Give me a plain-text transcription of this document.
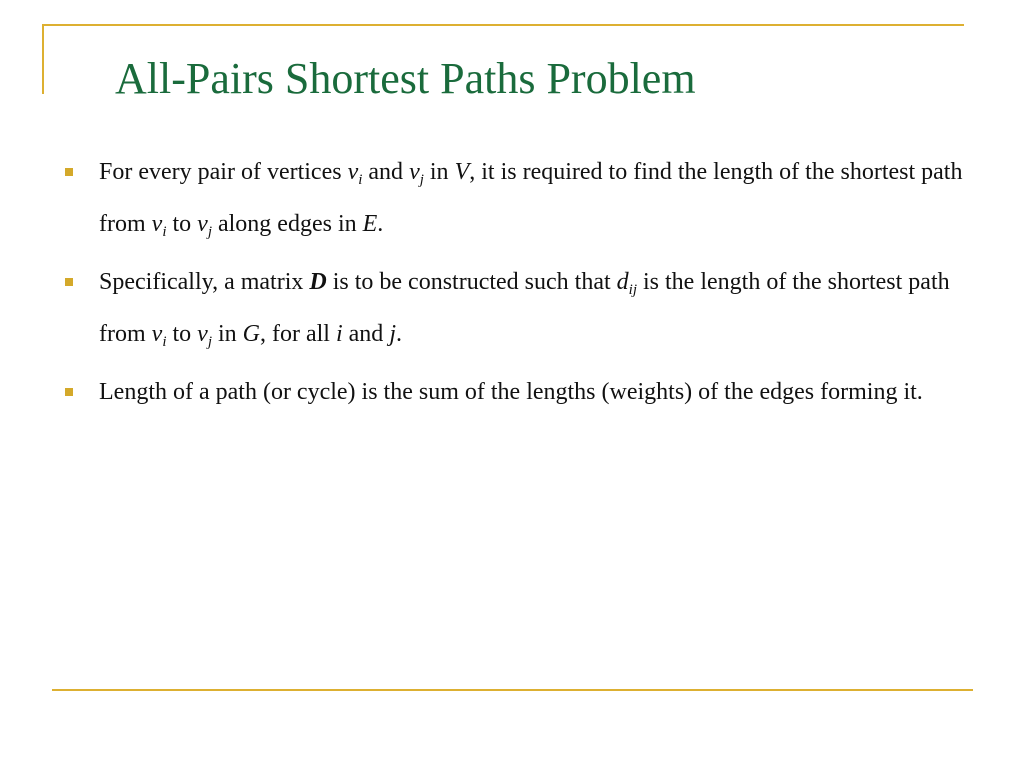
All-Pairs Shortest Paths Problem
For every pair of vertices $v_i$ and $v_j$ in V, it is required to find the length of the shortest path from $v_i$ to $v_j$ along edges in E.
Specifically, a matrix D is to be constructed such that $d_{ij}$ is the length of the shortest path from $v_i$ to $v_j$ in G, for all i and j.
Length of a path (or cycle) is the sum of the lengths (weights) of the edges forming it.
